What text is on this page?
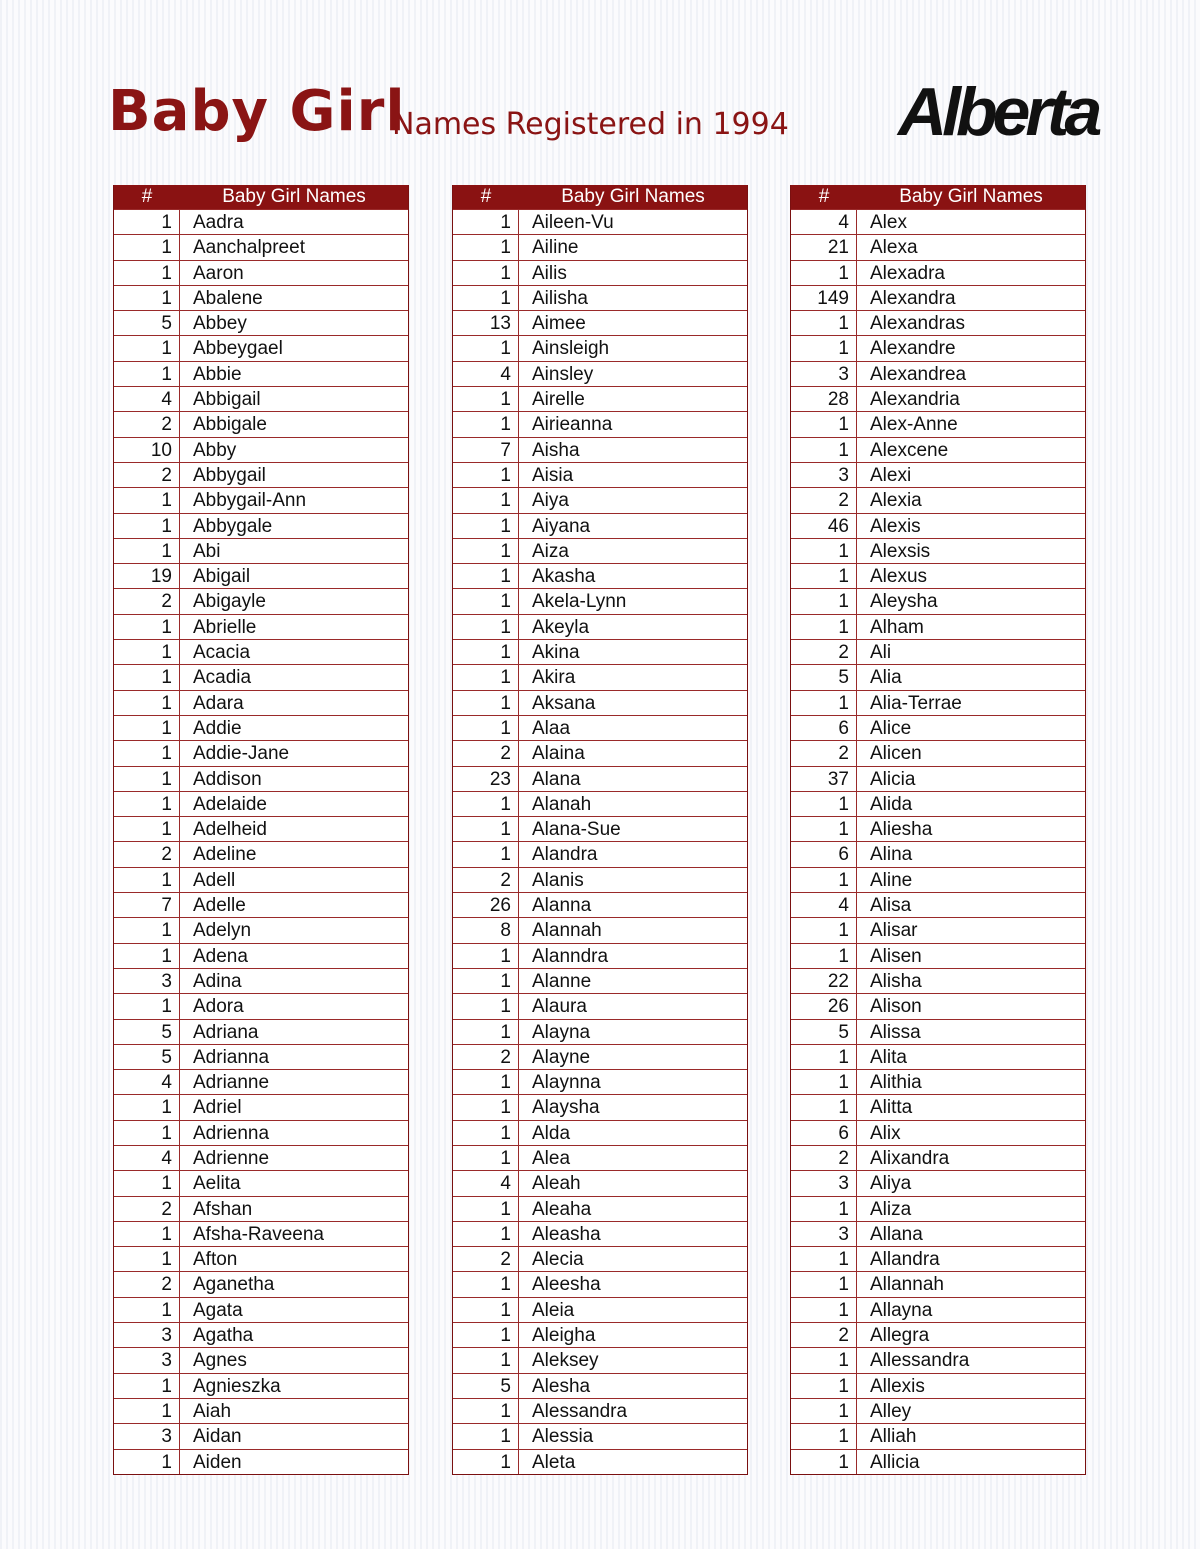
Baby Girl
Names Registered in 1994 Alberta
#	Baby Girl Names
1	Aadra
1	Aanchalpreet
1	Aaron
1	Abalene
5	Abbey
1	Abbeygael
1	Abbie
4	Abbigail
2	Abbigale
10	Abby
2	Abbygail
1	Abbygail-Ann
1	Abbygale
1	Abi
19	Abigail
2	Abigayle
1	Abrielle
1	Acacia
1	Acadia
1	Adara
1	Addie
1	Addie-Jane
1	Addison
1	Adelaide
1	Adelheid
2	Adeline
1	Adell
7	Adelle
1	Adelyn
1	Adena
3	Adina
1	Adora
5	Adriana
5	Adrianna
4	Adrianne
1	Adriel
1	Adrienna
4	Adrienne
1	Aelita
2	Afshan
1	Afsha-Raveena
1	Afton
2	Aganetha
1	Agata
3	Agatha
3	Agnes
1	Agnieszka
1	Aiah
3	Aidan
1	Aiden
#	Baby Girl Names
1	Aileen-Vu
1	Ailine
1	Ailis
1	Ailisha
13	Aimee
1	Ainsleigh
4	Ainsley
1	Airelle
1	Airieanna
7	Aisha
1	Aisia
1	Aiya
1	Aiyana
1	Aiza
1	Akasha
1	Akela-Lynn
1	Akeyla
1	Akina
1	Akira
1	Aksana
1	Alaa
2	Alaina
23	Alana
1	Alanah
1	Alana-Sue
1	Alandra
2	Alanis
26	Alanna
8	Alannah
1	Alanndra
1	Alanne
1	Alaura
1	Alayna
2	Alayne
1	Alaynna
1	Alaysha
1	Alda
1	Alea
4	Aleah
1	Aleaha
1	Aleasha
2	Alecia
1	Aleesha
1	Aleia
1	Aleigha
1	Aleksey
5	Alesha
1	Alessandra
1	Alessia
1	Aleta
#	Baby Girl Names
4	Alex
21	Alexa
1	Alexadra
149	Alexandra
1	Alexandras
1	Alexandre
3	Alexandrea
28	Alexandria
1	Alex-Anne
1	Alexcene
3	Alexi
2	Alexia
46	Alexis
1	Alexsis
1	Alexus
1	Aleysha
1	Alham
2	Ali
5	Alia
1	Alia-Terrae
6	Alice
2	Alicen
37	Alicia
1	Alida
1	Aliesha
6	Alina
1	Aline
4	Alisa
1	Alisar
1	Alisen
22	Alisha
26	Alison
5	Alissa
1	Alita
1	Alithia
1	Alitta
6	Alix
2	Alixandra
3	Aliya
1	Aliza
3	Allana
1	Allandra
1	Allannah
1	Allayna
2	Allegra
1	Allessandra
1	Allexis
1	Alley
1	Alliah
1	Allicia
